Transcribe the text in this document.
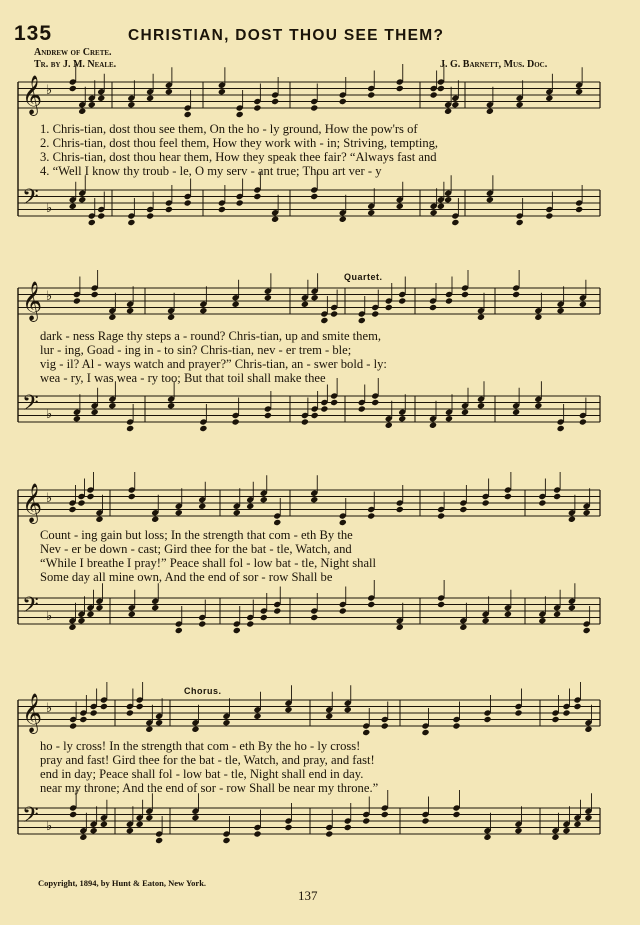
135	CHRISTIAN, DOST THOU SEE THEM?
Andrew of Crete.
Tr. by J. M. Neale.	J. G. Barnett, Mus. Doc.
Quartet.
Chorus.
𝄞 ♭
𝄢 ♭
1. Chris-tian, dost thou see them, On the ho - ly ground, How the pow'rs of
2. Chris-tian, dost thou feel them, How they work with - in; Striving, tempting,
3. Chris-tian, dost thou hear them, How they speak thee fair? “Always fast and
4. “Well I know thy troub - le, O my serv - ant true; Thou art ver - y
𝄞 ♭
𝄢 ♭
dark - ness Rage thy steps a - round? Chris-tian, up and smite them,
lur - ing, Goad - ing in - to sin? Chris-tian, nev - er trem - ble;
vig - il? Al - ways watch and prayer?” Chris-tian, an - swer bold - ly:
wea - ry, I was wea - ry too; But that toil shall make thee
𝄞 ♭
𝄢 ♭
Count - ing gain but loss; In the strength that com - eth By the
Nev - er be down - cast; Gird thee for the bat - tle, Watch, and
“While I breathe I pray!” Peace shall fol - low bat - tle, Night shall
Some day all mine own, And the end of sor - row Shall be
𝄞 ♭
𝄢 ♭
ho - ly cross! In the strength that com - eth By the ho - ly cross!
pray and fast! Gird thee for the bat - tle, Watch, and pray, and fast!
end in day; Peace shall fol - low bat - tle, Night shall end in day.
near my throne; And the end of sor - row Shall be near my throne.”
Copyright, 1894, by Hunt & Eaton, New York.
137
